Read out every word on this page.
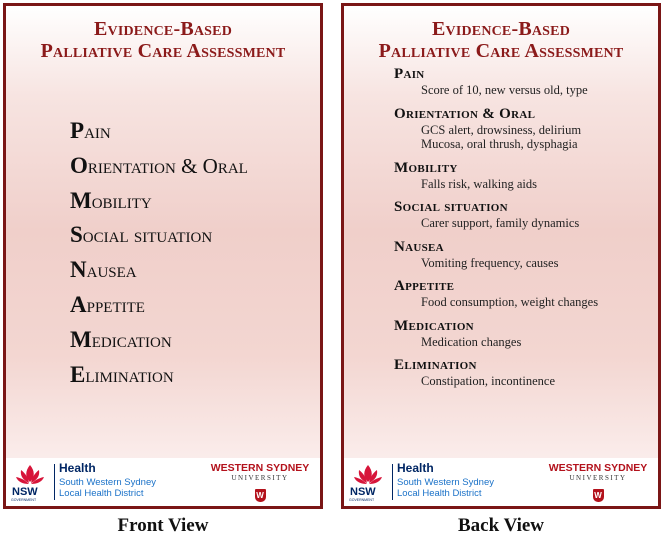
Evidence-Based
Palliative Care Assessment
Pain
Orientation & Oral
Mobility
Social situation
Nausea
Appetite
Medication
Elimination
NSW
GOVERNMENT
Health
South Western Sydney
Local Health District
WESTERN SYDNEY
UNIVERSITY
W
Evidence-Based
Palliative Care Assessment
Pain
Score of 10, new versus old, type
Orientation & Oral
GCS alert, drowsiness, delirium
Mucosa, oral thrush, dysphagia
Mobility
Falls risk, walking aids
Social situation
Carer support, family dynamics
Nausea
Vomiting frequency, causes
Appetite
Food consumption, weight changes
Medication
Medication changes
Elimination
Constipation, incontinence
NSW
GOVERNMENT
Health
South Western Sydney
Local Health District
WESTERN SYDNEY
UNIVERSITY
W
Front View	Back View
